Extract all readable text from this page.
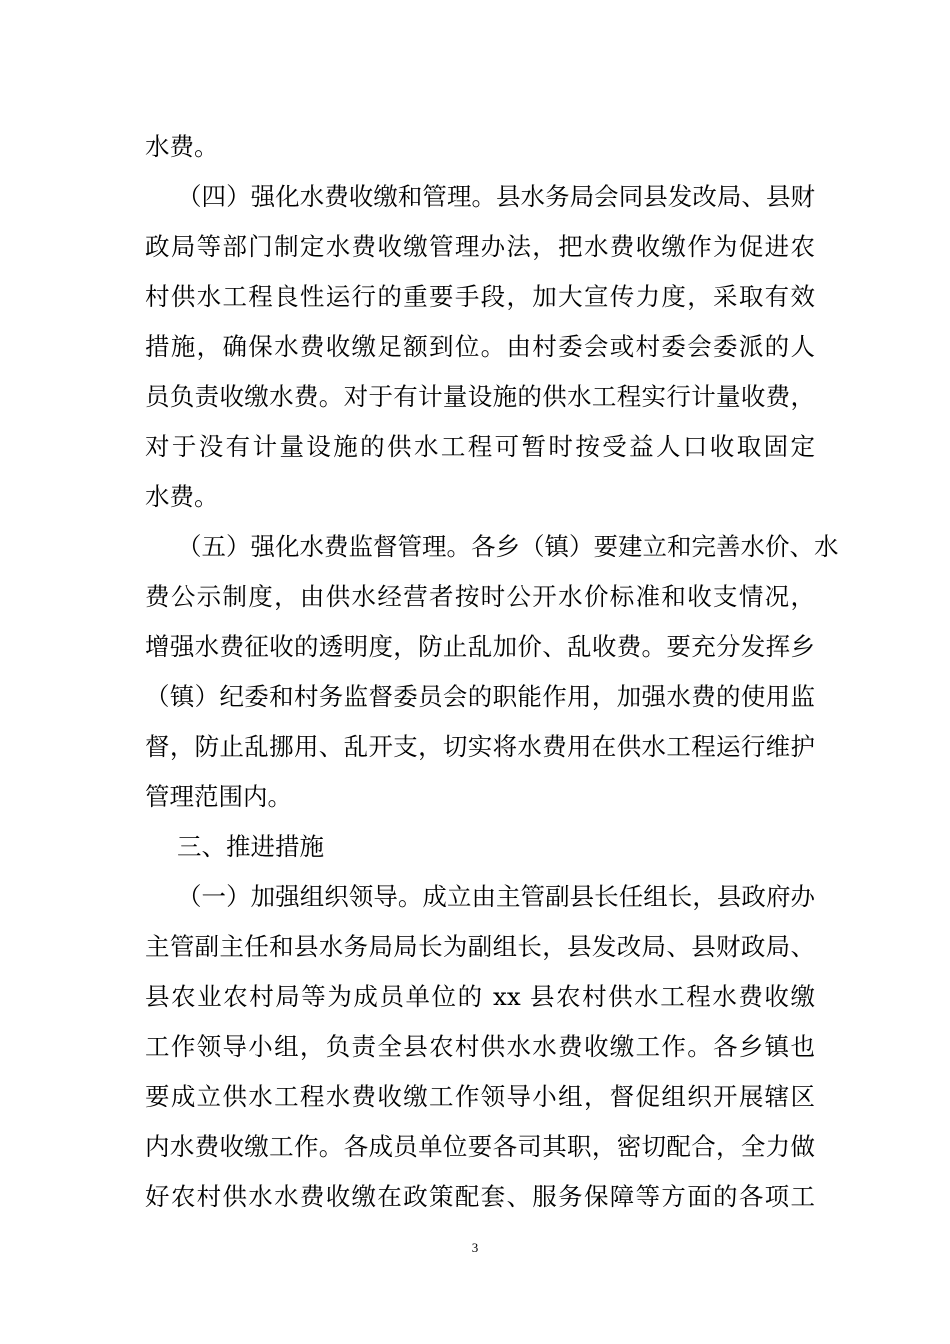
水费。
（四）强化水费收缴和管理。县水务局会同县发改局、县财
政局等部门制定水费收缴管理办法，把水费收缴作为促进农
村供水工程良性运行的重要手段，加大宣传力度，采取有效
措施，确保水费收缴足额到位。由村委会或村委会委派的人
员负责收缴水费。对于有计量设施的供水工程实行计量收费，
对于没有计量设施的供水工程可暂时按受益人口收取固定
水费。
（五）强化水费监督管理。各乡（镇）要建立和完善水价、水
费公示制度，由供水经营者按时公开水价标准和收支情况，
增强水费征收的透明度，防止乱加价、乱收费。要充分发挥乡
（镇）纪委和村务监督委员会的职能作用，加强水费的使用监
督，防止乱挪用、乱开支，切实将水费用在供水工程运行维护
管理范围内。
三、推进措施
（一）加强组织领导。成立由主管副县长任组长，县政府办
主管副主任和县水务局局长为副组长，县发改局、县财政局、
县农业农村局等为成员单位的 xx 县农村供水工程水费收缴
工作领导小组，负责全县农村供水水费收缴工作。各乡镇也
要成立供水工程水费收缴工作领导小组，督促组织开展辖区
内水费收缴工作。各成员单位要各司其职，密切配合，全力做
好农村供水水费收缴在政策配套、服务保障等方面的各项工
3
